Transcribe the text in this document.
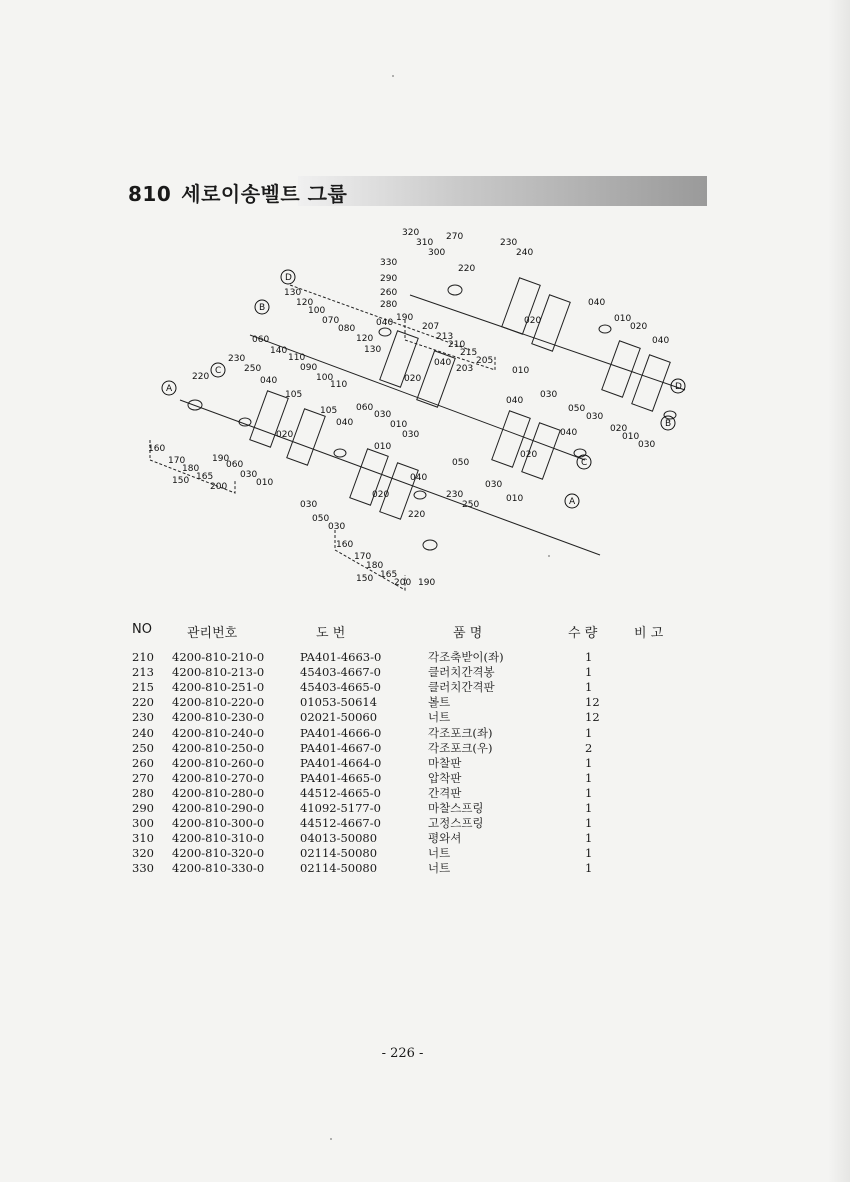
810 세로이송벨트 그룹
A
B
C
D
D
B
C
A
320
310
300
330
270
230
240
220
290
260
280
190
207
213
210
215
205
203
130
120
100
070
080
120
130
060
140
110
090
100
110
105
105
040
230
250
220	040
160
170
180
165
150
200
190
060
030
010
020
040
030
050
030
020
010
040
230
250
220
160
170
180
165
150 200 190
060
030
010
030
020
040
050
030
010
020
040
040
010
020
030
050
030
040
010
020
040
020
010
030
NO	관리번호	도 번	품 명	수 량	비 고
210 4200-810-210-0	PA401-4663-0	각조축받이(좌)	1
213 4200-810-213-0	45403-4667-0	클러치간격봉	1
215 4200-810-251-0	45403-4665-0	클러치간격판	1
220 4200-810-220-0	01053-50614	볼트	12
230 4200-810-230-0	02021-50060	너트	12
240 4200-810-240-0	PA401-4666-0	각조포크(좌)	1
250 4200-810-250-0	PA401-4667-0	각조포크(우)	2
260 4200-810-260-0	PA401-4664-0	마찰판	1
270 4200-810-270-0	PA401-4665-0	압착판	1
280 4200-810-280-0	44512-4665-0	간격판	1
290 4200-810-290-0	41092-5177-0	마찰스프링	1
300 4200-810-300-0	44512-4667-0	고정스프링	1
310 4200-810-310-0	04013-50080	평와셔	1
320 4200-810-320-0	02114-50080	너트	1
330 4200-810-330-0	02114-50080	너트	1
- 226 -
